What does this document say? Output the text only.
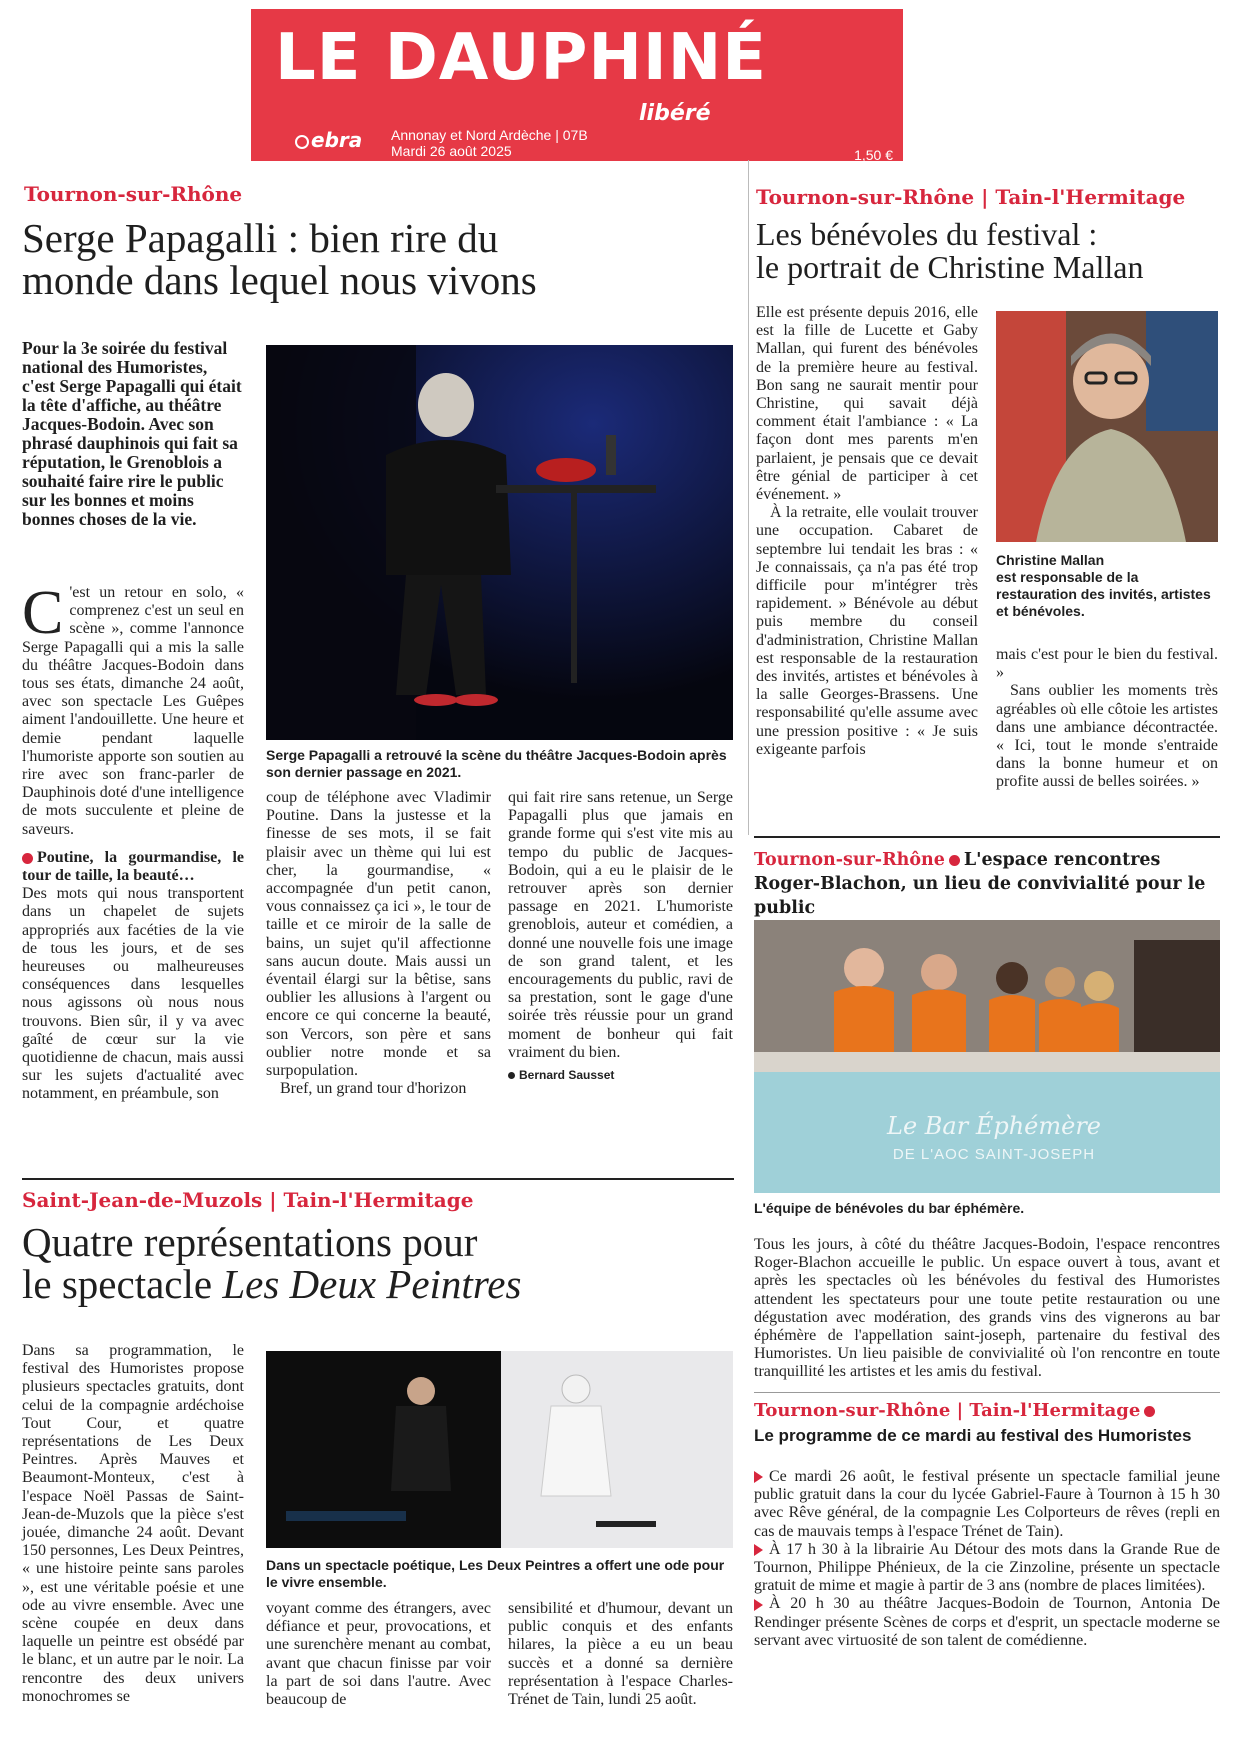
LE DAUPHINÉ
libéré
ebra Annonay et Nord Ardèche | 07B
Mardi 26 août 2025	1,50 €
Tournon-sur-Rhône
Serge Papagalli : bien rire du
monde dans lequel nous vivons
Pour la 3e soirée du festival national des Humoristes, c'est Serge Papagalli qui était la tête d'affiche, au théâtre Jacques-Bodoin. Avec son phrasé dauphinois qui fait sa réputation, le Grenoblois a souhaité faire rire le public sur les bonnes et moins bonnes choses de la vie.

C 'est un retour en solo, « comprenez c'est un seul en scène », comme l'annonce Serge Papagalli qui a mis la salle du théâtre Jacques-Bodoin dans tous ses états, dimanche 24 août, avec son spectacle Les Guêpes aiment l'andouillette. Une heure et demie pendant laquelle l'humoriste apporte son soutien au rire avec son franc-parler de Dauphinois doté d'une intelligence de mots succulente et pleine de saveurs.

Poutine, la gourmandise, le tour de taille, la beauté…

Des mots qui nous transportent dans un chapelet de sujets appropriés aux facéties de la vie de tous les jours, et de ses heureuses ou malheureuses conséquences dans lesquelles nous agissons où nous nous trouvons. Bien sûr, il y va avec gaîté de cœur sur la vie quotidienne de chacun, mais aussi sur les sujets d'actualité avec notamment, en préambule, son

Serge Papagalli a retrouvé la scène du théâtre Jacques-Bodoin après son dernier passage en 2021.

coup de téléphone avec Vladimir Poutine. Dans la justesse et la finesse de ses mots, il se fait plaisir avec un thème qui lui est cher, la gourmandise, « accompagnée d'un petit canon, vous connaissez ça ici », le tour de taille et ce miroir de la salle de bains, un sujet qu'il affectionne sans aucun doute. Mais aussi un éventail élargi sur la bêtise, sans oublier les allusions à l'argent ou encore ce qui concerne la beauté, son Vercors, son père et sans oublier notre monde et sa surpopulation.

Bref, un grand tour d'horizon

qui fait rire sans retenue, un Serge Papagalli plus que jamais en grande forme qui s'est vite mis au tempo du public de Jacques-Bodoin, qui a eu le plaisir de le retrouver après son dernier passage en 2021. L'humoriste grenoblois, auteur et comédien, a donné une nouvelle fois une image de son grand talent, et les encouragements du public, ravi de sa prestation, sont le gage d'une soirée très réussie pour un grand moment de bonheur qui fait vraiment du bien.

Bernard Sausset

Tournon-sur-Rhône | Tain-l'Hermitage
Les bénévoles du festival :
le portrait de Christine Mallan

Elle est présente depuis 2016, elle est la fille de Lucette et Gaby Mallan, qui furent des bénévoles de la première heure au festival. Bon sang ne saurait mentir pour Christine, qui savait déjà comment était l'ambiance : « La façon dont mes parents m'en parlaient, je pensais que ce devait être génial de participer à cet événement. »

À la retraite, elle voulait trouver une occupation. Cabaret de septembre lui tendait les bras : « Je connaissais, ça n'a pas été trop difficile pour m'intégrer très rapidement. » Bénévole au début puis membre du conseil d'administration, Christine Mallan est responsable de la restauration des invités, artistes et bénévoles à la salle Georges-Brassens. Une responsabilité qu'elle assume avec une pression positive : « Je suis exigeante parfois

Christine Mallan
est responsable de la restauration des invités, artistes et bénévoles.

mais c'est pour le bien du festival. »

Sans oublier les moments très agréables où elle côtoie les artistes dans une ambiance décontractée. « Ici, tout le monde s'entraide dans la bonne humeur et on profite aussi de belles soirées. »

Tournon-sur-Rhône L'espace rencontres Roger-Blachon, un lieu de convivialité pour le public
Le Bar Éphémère
DE L'AOC SAINT-JOSEPH
L'équipe de bénévoles du bar éphémère.
Tous les jours, à côté du théâtre Jacques-Bodoin, l'espace rencontres Roger-Blachon accueille le public. Un espace ouvert à tous, avant et après les spectacles où les bénévoles du festival des Humoristes attendent les spectateurs pour une toute petite restauration ou une dégustation avec modération, des grands vins des vignerons au bar éphémère de l'appellation saint-joseph, partenaire du festival des Humoristes. Un lieu paisible de convivialité où l'on rencontre en toute tranquillité les artistes et les amis du festival.
Tournon-sur-Rhône | Tain-l'Hermitage
Le programme de ce mardi au festival des Humoristes

Ce mardi 26 août, le festival présente un spectacle familial jeune public gratuit dans la cour du lycée Gabriel-Faure à Tournon à 15 h 30 avec Rêve général, de la compagnie Les Colporteurs de rêves (repli en cas de mauvais temps à l'espace Trénet de Tain).

À 17 h 30 à la librairie Au Détour des mots dans la Grande Rue de Tournon, Philippe Phénieux, de la cie Zinzoline, présente un spectacle gratuit de mime et magie à partir de 3 ans (nombre de places limitées).

À 20 h 30 au théâtre Jacques-Bodoin de Tournon, Antonia De Rendinger présente Scènes de corps et d'esprit, un spectacle moderne se servant avec virtuosité de son talent de comédienne.

Saint-Jean-de-Muzols | Tain-l'Hermitage
Quatre représentations pour
le spectacle Les Deux Peintres
Dans sa programmation, le festival des Humoristes propose plusieurs spectacles gratuits, dont celui de la compagnie ardéchoise Tout Cour, et quatre représentations de Les Deux Peintres. Après Mauves et Beaumont-Monteux, c'est à l'espace Noël Passas de Saint-Jean-de-Muzols que la pièce s'est jouée, dimanche 24 août. Devant 150 personnes, Les Deux Peintres, « une histoire peinte sans paroles », est une véritable poésie et une ode au vivre ensemble. Avec une scène coupée en deux dans laquelle un peintre est obsédé par le blanc, et un autre par le noir. La rencontre des deux univers monochromes se
Dans un spectacle poétique, Les Deux Peintres a offert une ode pour le vivre ensemble.
voyant comme des étrangers, avec défiance et peur, provocations, et une surenchère menant au combat, avant que chacun finisse par voir la part de soi dans l'autre. Avec beaucoup de
sensibilité et d'humour, devant un public conquis et des enfants hilares, la pièce a eu un beau succès et a donné sa dernière représentation à l'espace Charles-Trénet de Tain, lundi 25 août.
